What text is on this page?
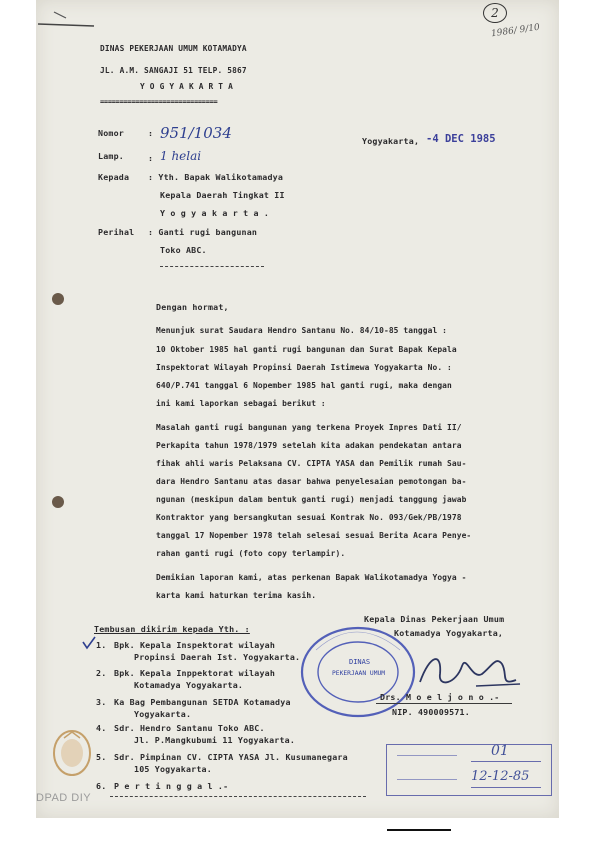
2
1986/ 9/10
DINAS PEKERJAAN UMUM KOTAMADYA
JL. A.M. SANGAJI 51 TELP. 5867
Y O G Y A K A R T A
==============================
Nomor	: 951/1034	Yogyakarta, -4 DEC 1985
Lamp.	: 1 helai
Kepada : Yth. Bapak Walikotamadya
Kepala Daerah Tingkat II
Y o g y a k a r t a .
Perihal : Ganti rugi bangunan
Toko ABC.
Dengan hormat,
Menunjuk surat Saudara Hendro Santanu No. 84/10-85 tanggal :
10 Oktober 1985 hal ganti rugi bangunan dan Surat Bapak Kepala
Inspektorat Wilayah Propinsi Daerah Istimewa Yogyakarta No. :
640/P.741 tanggal 6 Nopember 1985 hal ganti rugi, maka dengan
ini kami laporkan sebagai berikut :
Masalah ganti rugi bangunan yang terkena Proyek Inpres Dati II/
Perkapita tahun 1978/1979 setelah kita adakan pendekatan antara
fihak ahli waris Pelaksana CV. CIPTA YASA dan Pemilik rumah Sau-
dara Hendro Santanu atas dasar bahwa penyelesaian pemotongan ba-
ngunan (meskipun dalam bentuk ganti rugi) menjadi tanggung jawab
Kontraktor yang bersangkutan sesuai Kontrak No. 093/Gek/PB/1978
tanggal 17 Nopember 1978 telah selesai sesuai Berita Acara Penye-
rahan ganti rugi (foto copy terlampir).
Demikian laporan kami, atas perkenan Bapak Walikotamadya Yogya -
karta kami haturkan terima kasih.
Kepala Dinas Pekerjaan Umum
Kotamadya Yogyakarta,
DINAS
PEKERJAAN UMUM
Drs. M o e l j o n o .-
NIP. 490009571.
Tembusan dikirim kepada Yth. :
1. Bpk. Kepala Inspektorat wilayah
Propinsi Daerah Ist. Yogyakarta.
2. Bpk. Kepala Inppektorat wilayah
Kotamadya Yogyakarta.
3. Ka Bag Pembangunan SETDA Kotamadya
Yogyakarta.
4. Sdr. Hendro Santanu Toko ABC.
Jl. P.Mangkubumi 11 Yogyakarta.
5. Sdr. Pimpinan CV. CIPTA YASA Jl. Kusumanegara
105 Yogyakarta.
6. P e r t i n g g a l .-
01
12-12-85
DPAD DIY
